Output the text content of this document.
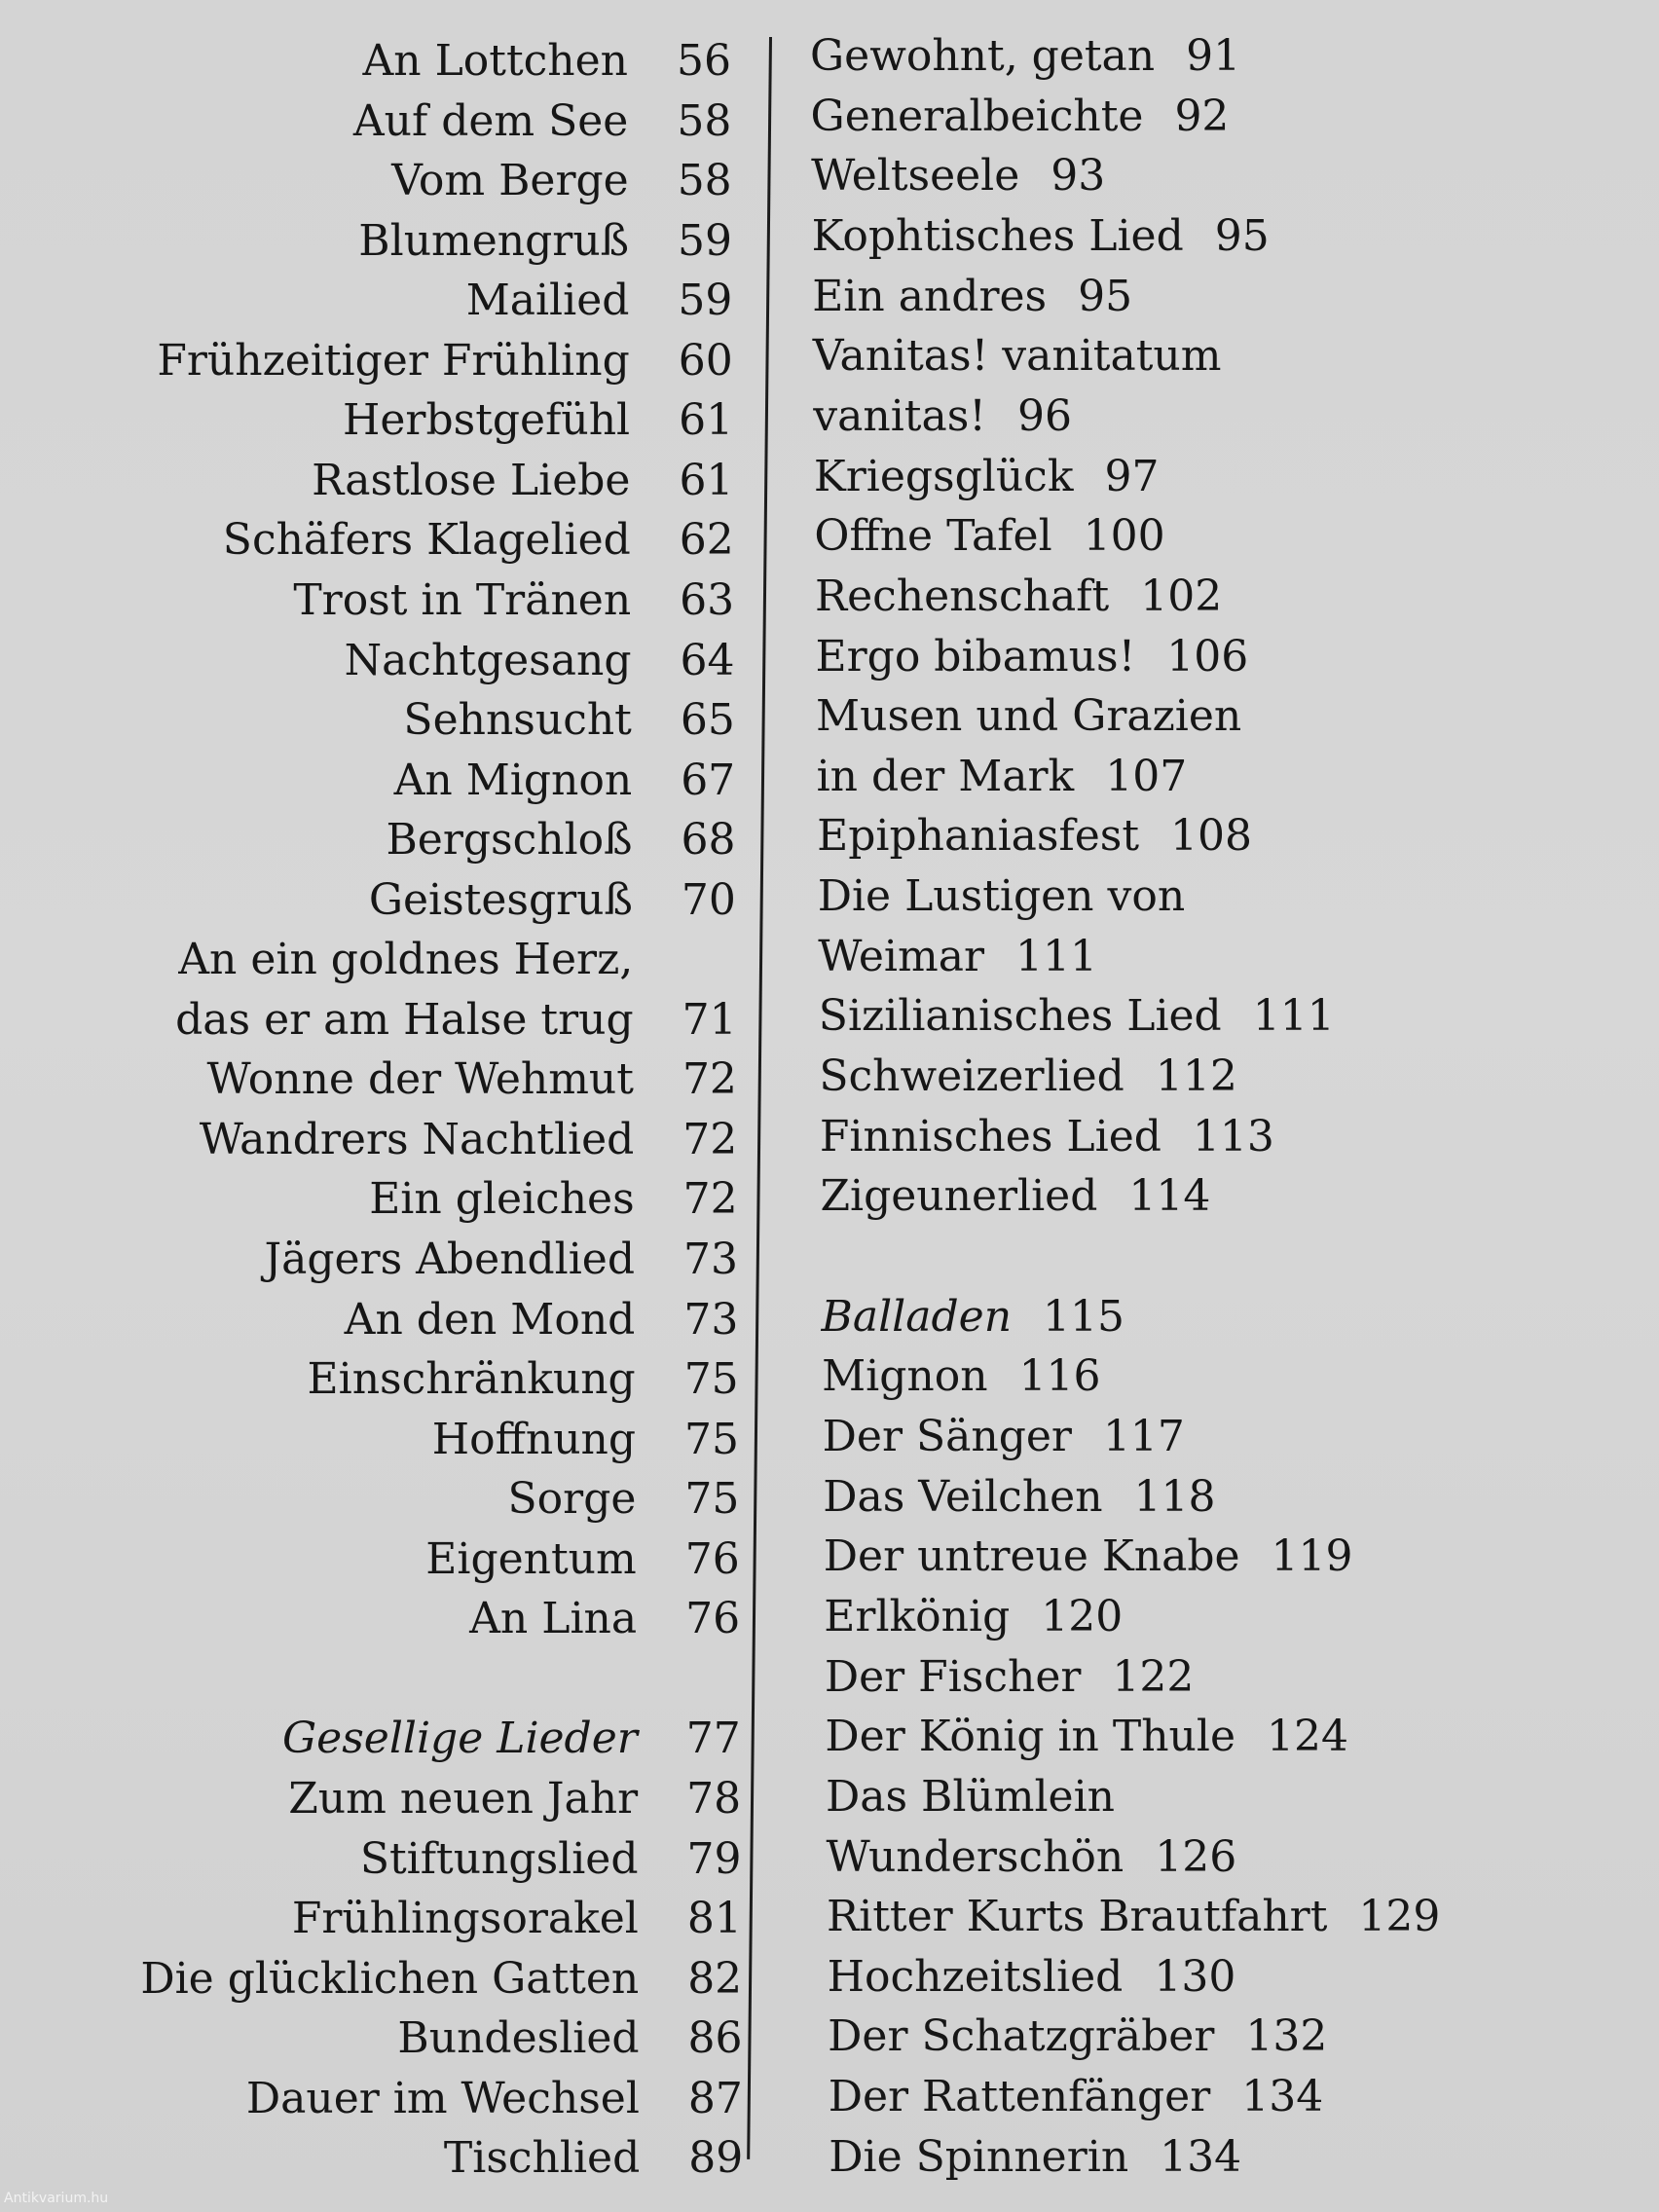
An Lottchen 56
Auf dem See 58
Vom Berge 58
Blumengruß 59
Mailied 59
Frühzeitiger Frühling 60
Herbstgefühl 61
Rastlose Liebe 61
Schäfers Klagelied 62
Trost in Tränen 63
Nachtgesang 64
Sehnsucht 65
An Mignon 67
Bergschloß 68
Geistesgruß 70
An ein goldnes Herz,
das er am Halse trug 71
Wonne der Wehmut 72
Wandrers Nachtlied 72
Ein gleiches 72
Jägers Abendlied 73
An den Mond 73
Einschränkung 75
Hoffnung 75
Sorge 75
Eigentum 76
An Lina 76
Gesellige Lieder 77
Zum neuen Jahr 78
Stiftungslied 79
Frühlingsorakel 81
Die glücklichen Gatten 82
Bundeslied 86
Dauer im Wechsel 87
Tischlied 89
Gewohnt, getan 91
Generalbeichte 92
Weltseele 93
Kophtisches Lied 95
Ein andres 95
Vanitas! vanitatum
vanitas! 96
Kriegsglück 97
Offne Tafel 100
Rechenschaft 102
Ergo bibamus! 106
Musen und Grazien
in der Mark 107
Epiphaniasfest 108
Die Lustigen von
Weimar 111
Sizilianisches Lied 111
Schweizerlied 112
Finnisches Lied 113
Zigeunerlied 114
Balladen 115
Mignon 116
Der Sänger 117
Das Veilchen 118
Der untreue Knabe 119
Erlkönig 120
Der Fischer 122
Der König in Thule 124
Das Blümlein
Wunderschön 126
Ritter Kurts Brautfahrt 129
Hochzeitslied 130
Der Schatzgräber 132
Der Rattenfänger 134
Die Spinnerin 134
Antikvarium.hu
